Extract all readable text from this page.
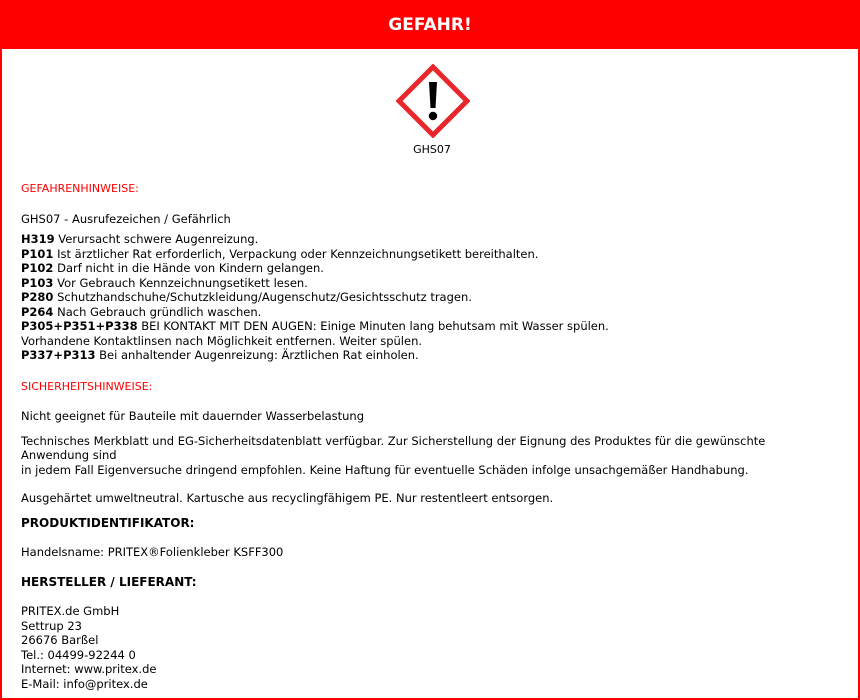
GEFAHR!
GHS07

GEFAHRENHINWEISE:

GHS07 - Ausrufezeichen / Gefährlich

H319 Verursacht schwere Augenreizung.

P101 Ist ärztlicher Rat erforderlich, Verpackung oder Kennzeichnungsetikett bereithalten.

P102 Darf nicht in die Hände von Kindern gelangen.

P103 Vor Gebrauch Kennzeichnungsetikett lesen.

P280 Schutzhandschuhe/Schutzkleidung/Augenschutz/Gesichtsschutz tragen.

P264 Nach Gebrauch gründlich waschen.

P305+P351+P338 BEI KONTAKT MIT DEN AUGEN: Einige Minuten lang behutsam mit Wasser spülen.

Vorhandene Kontaktlinsen nach Möglichkeit entfernen. Weiter spülen.

P337+P313 Bei anhaltender Augenreizung: Ärztlichen Rat einholen.

SICHERHEITSHINWEISE:

Nicht geeignet für Bauteile mit dauernder Wasserbelastung

Technisches Merkblatt und EG-Sicherheitsdatenblatt verfügbar. Zur Sicherstellung der Eignung des Produktes für die gewünschte Anwendung sind

in jedem Fall Eigenversuche dringend empfohlen. Keine Haftung für eventuelle Schäden infolge unsachgemäßer Handhabung.

Ausgehärtet umweltneutral. Kartusche aus recyclingfähigem PE. Nur restentleert entsorgen.

PRODUKTIDENTIFIKATOR:

Handelsname: PRITEX®Folienkleber KSFF300

HERSTELLER / LIEFERANT:

PRITEX.de GmbH

Settrup 23

26676 Barßel

Tel.: 04499-92244 0

Internet: www.pritex.de

E-Mail: info@pritex.de
